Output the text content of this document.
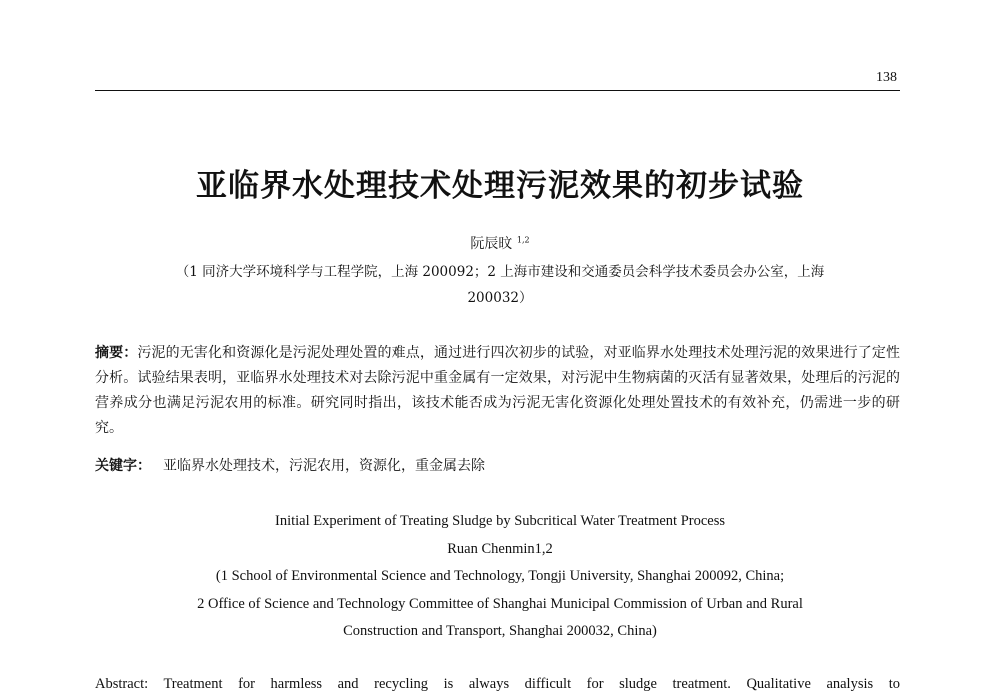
138
亚临界水处理技术处理污泥效果的初步试验
阮辰旼 $^{1,2}$
（1 同济大学环境科学与工程学院，上海 200092；2 上海市建设和交通委员会科学技术委员会办公室，上海
200032）
摘要：污泥的无害化和资源化是污泥处理处置的难点，通过进行四次初步的试验，对亚临界水处理技术处理污泥的效果进行了定性分析。试验结果表明，亚临界水处理技术对去除污泥中重金属有一定效果，对污泥中生物病菌的灭活有显著效果，处理后的污泥的营养成分也满足污泥农用的标准。研究同时指出，该技术能否成为污泥无害化资源化处理处置技术的有效补充，仍需进一步的研究。
关键字： 亚临界水处理技术，污泥农用，资源化，重金属去除
Initial Experiment of Treating Sludge by Subcritical Water Treatment Process
Ruan Chenmin1,2
(1 School of Environmental Science and Technology, Tongji University, Shanghai 200092, China;
2 Office of Science and Technology Committee of Shanghai Municipal Commission of Urban and Rural
Construction and Transport, Shanghai 200032, China)
Abstract: Treatment for harmless and recycling is always difficult for sludge treatment. Qualitative analysis to
